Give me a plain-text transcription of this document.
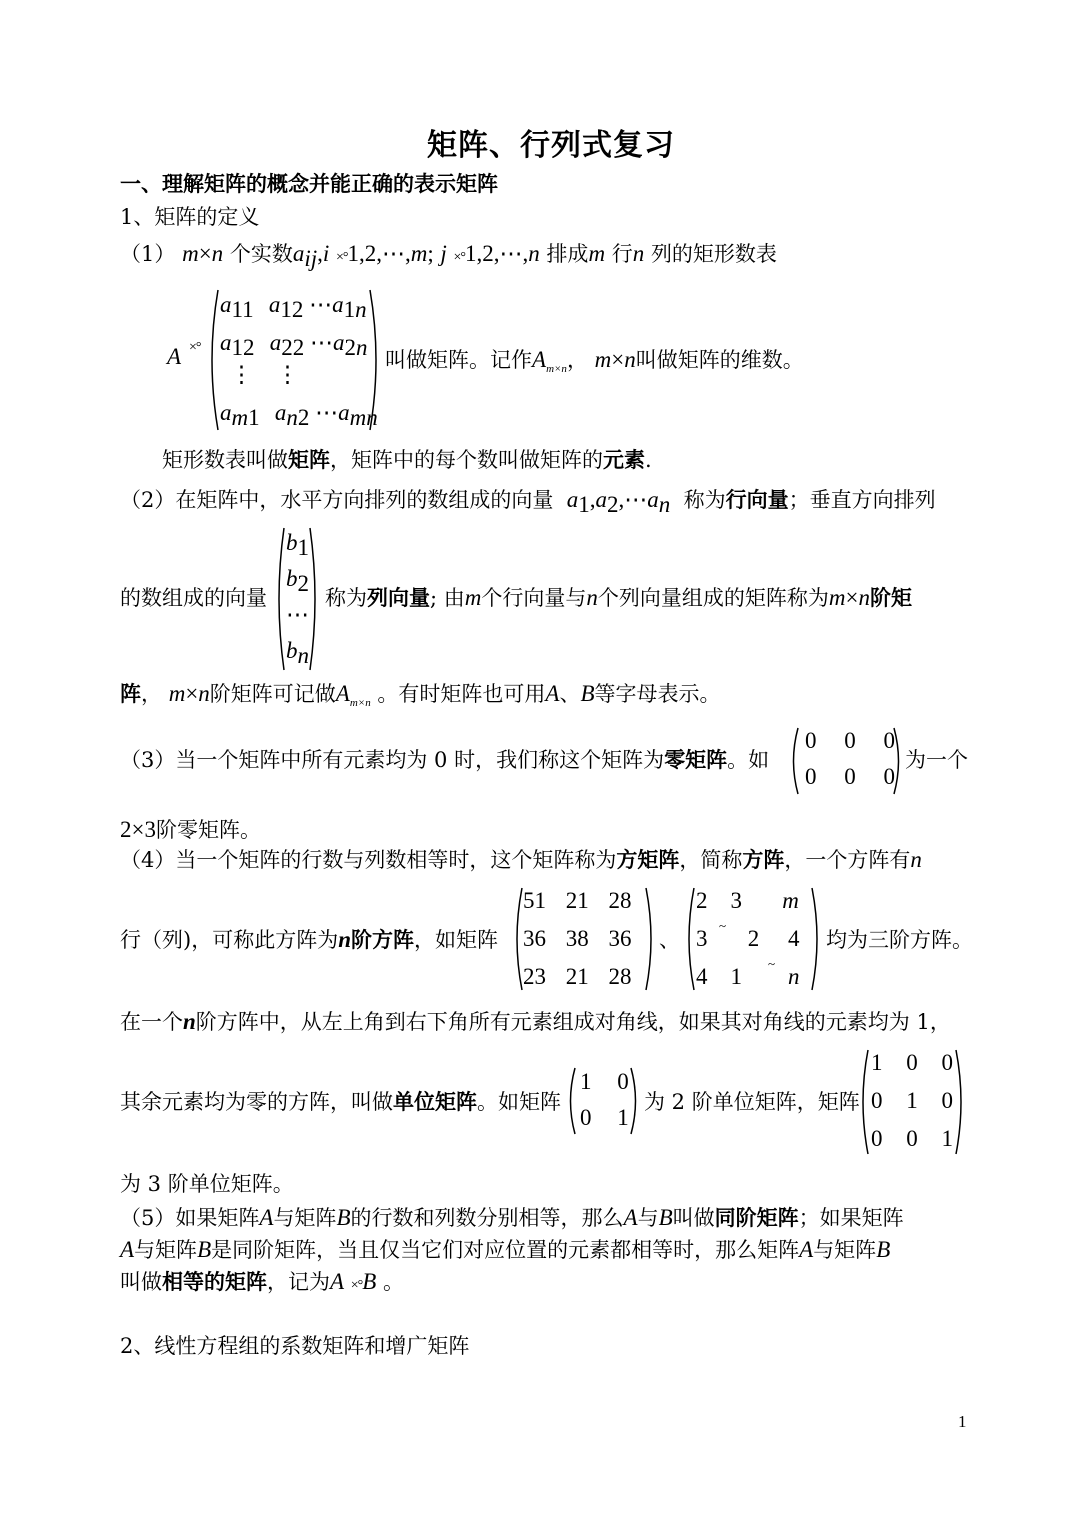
矩阵、行列式复习
一、理解矩阵的概念并能正确的表示矩阵
1、矩阵的定义
（1） m×n 个实数$a_{ij},i$ ×°1,2,⋯,m; j ×°1,2,⋯,n 排成m 行n 列的矩形数表
A ×°
$a_{11}$ $a_{12}$ $\cdots a_{1n}$
$a_{12}$ $a_{22}$ $\cdots a_{2n}$
⋮    ⋮
$a_{m1}$ $a_{n2}$ $\cdots a_{mn}$
叫做矩阵。记作$A_{m\times n}$， m×n叫做矩阵的维数。
矩形数表叫做矩阵，矩阵中的每个数叫做矩阵的元素.
（2）在矩阵中，水平方向排列的数组成的向量 $a_1,a_2,\cdots a_n$ 称为行向量；垂直方向排列
$b_1$
$b_2$
⋯
$b_n$
的数组成的向量	称为列向量; 由m个行向量与n个列向量组成的矩阵称为m×n阶矩
阵， m×n阶矩阵可记做$A_{m\times n}$ 。有时矩阵也可用A、B等字母表示。
（3）当一个矩阵中所有元素均为 0 时，我们称这个矩阵为零矩阵。如
0 0 0
0 0 0
为一个
2×3阶零矩阵。
（4）当一个矩阵的行数与列数相等时，这个矩阵称为方矩阵，简称方阵，一个方阵有n
行（列)，可称此方阵为n阶方阵，如矩阵
51 21 28
36 38 36
23 21 28
、
2 3 m
3 2 4
~
4 1 n
~
均为三阶方阵。
在一个n阶方阵中，从左上角到右下角所有元素组成对角线，如果其对角线的元素均为 1，
其余元素均为零的方阵，叫做单位矩阵。如矩阵
1 0
0 1
为 2 阶单位矩阵，矩阵
1 0 0
0 1 0
0 0 1
为 3 阶单位矩阵。
（5）如果矩阵A与矩阵B的行数和列数分别相等，那么A与B叫做同阶矩阵；如果矩阵
A与矩阵B是同阶矩阵，当且仅当它们对应位置的元素都相等时，那么矩阵A与矩阵B
叫做相等的矩阵，记为A ×°B 。
2、线性方程组的系数矩阵和增广矩阵
1
